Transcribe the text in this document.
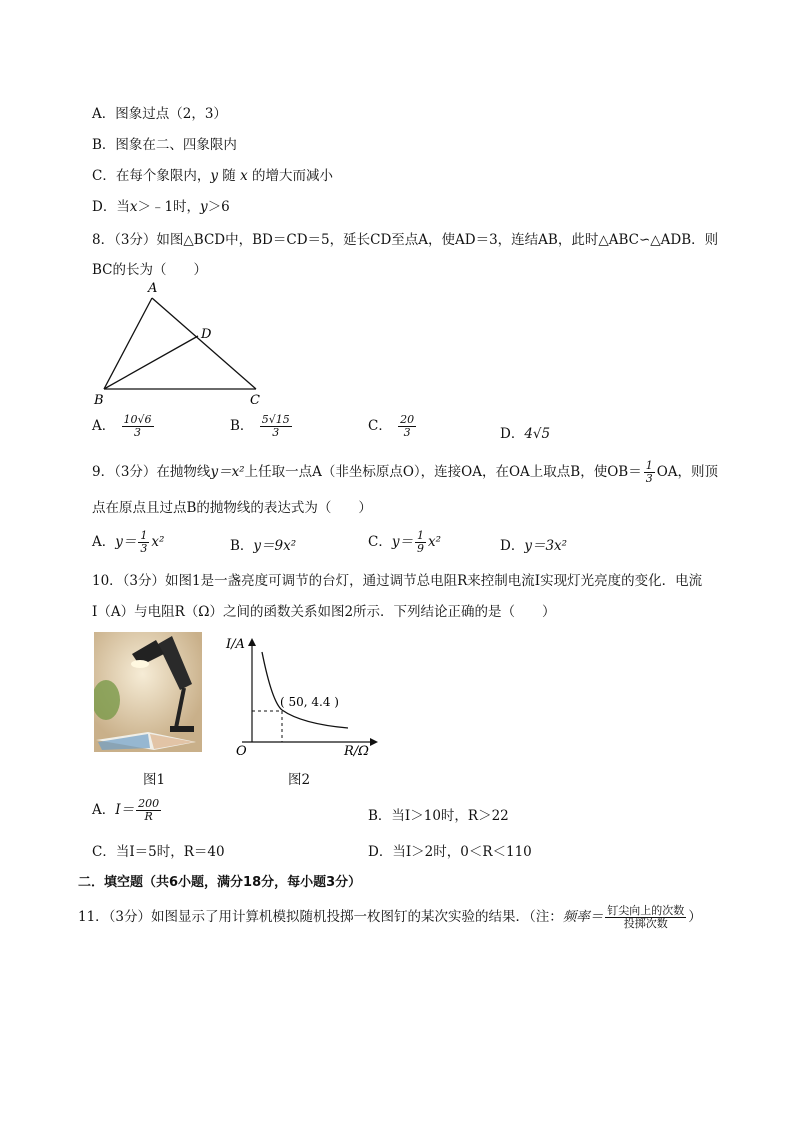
A．图象过点（2，3）
B．图象在二、四象限内
C．在每个象限内，y 随 x 的增大而减小
D．当x＞﹣1时，y＞6
8．（3分）如图△BCD中，BD＝CD＝5，延长CD至点A，使AD＝3，连结AB，此时△ABC∽△ADB．则
BC的长为（　　）
A
D
B	C
A． $\frac{10√6}{3}$	B． $\frac{5√15}{3}$	C． $\frac{20}{3}$	D．4√5
9．（3分）在抛物线y＝x²上任取一点A（非坐标原点O），连接OA，在OA上取点B，使$OB= \frac{1}{3}$ OA，则顶
点在原点且过点B的抛物线的表达式为（　　）
A．$y= \frac{1}{3} x^2$	B．y＝9x²	C．$y= \frac{1}{9} x^2$	D．y＝3x²
10．（3分）如图1是一盏亮度可调节的台灯，通过调节总电阻R来控制电流I实现灯光亮度的变化．电流
I（A）与电阻R（Ω）之间的函数关系如图2所示．下列结论正确的是（　　）
图1
I/A
R/Ω
O
( 50, 4.4 )
图2
A．$I= \frac{200}{R}$	B．当I＞10时，R＞22
C．当I＝5时，R＝40	D．当I＞2时，0＜R＜110
二．填空题（共6小题，满分18分，每小题3分）
11．（3分）如图显示了用计算机模拟随机投掷一枚图钉的某次实验的结果．（注：频率＝ $\frac{\text{钉尖向上的次数}}{\text{投掷次数}}$ ）
